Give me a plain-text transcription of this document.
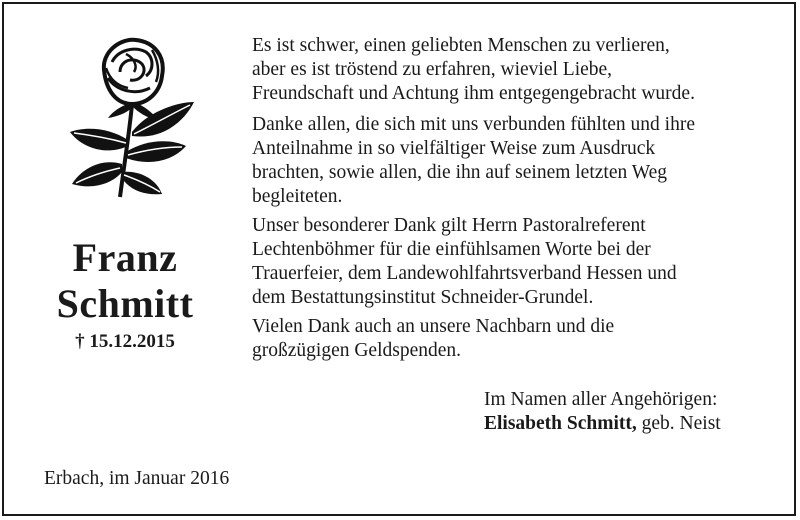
Franz
Schmitt
† 15.12.2015

Es ist schwer, einen geliebten Menschen zu verlieren,
aber es ist tröstend zu erfahren, wieviel Liebe,
Freundschaft und Achtung ihm entgegengebracht wurde.

Danke allen, die sich mit uns verbunden fühlten und ihre
Anteilnahme in so vielfältiger Weise zum Ausdruck
brachten, sowie allen, die ihn auf seinem letzten Weg
begleiteten.

Unser besonderer Dank gilt Herrn Pastoralreferent
Lechtenböhmer für die einfühlsamen Worte bei der
Trauerfeier, dem Landewohlfahrtsverband Hessen und
dem Bestattungsinstitut Schneider-Grundel.

Vielen Dank auch an unsere Nachbarn und die
großzügigen Geldspenden.

Im Namen aller Angehörigen:
Elisabeth Schmitt, geb. Neist
Erbach, im Januar 2016
